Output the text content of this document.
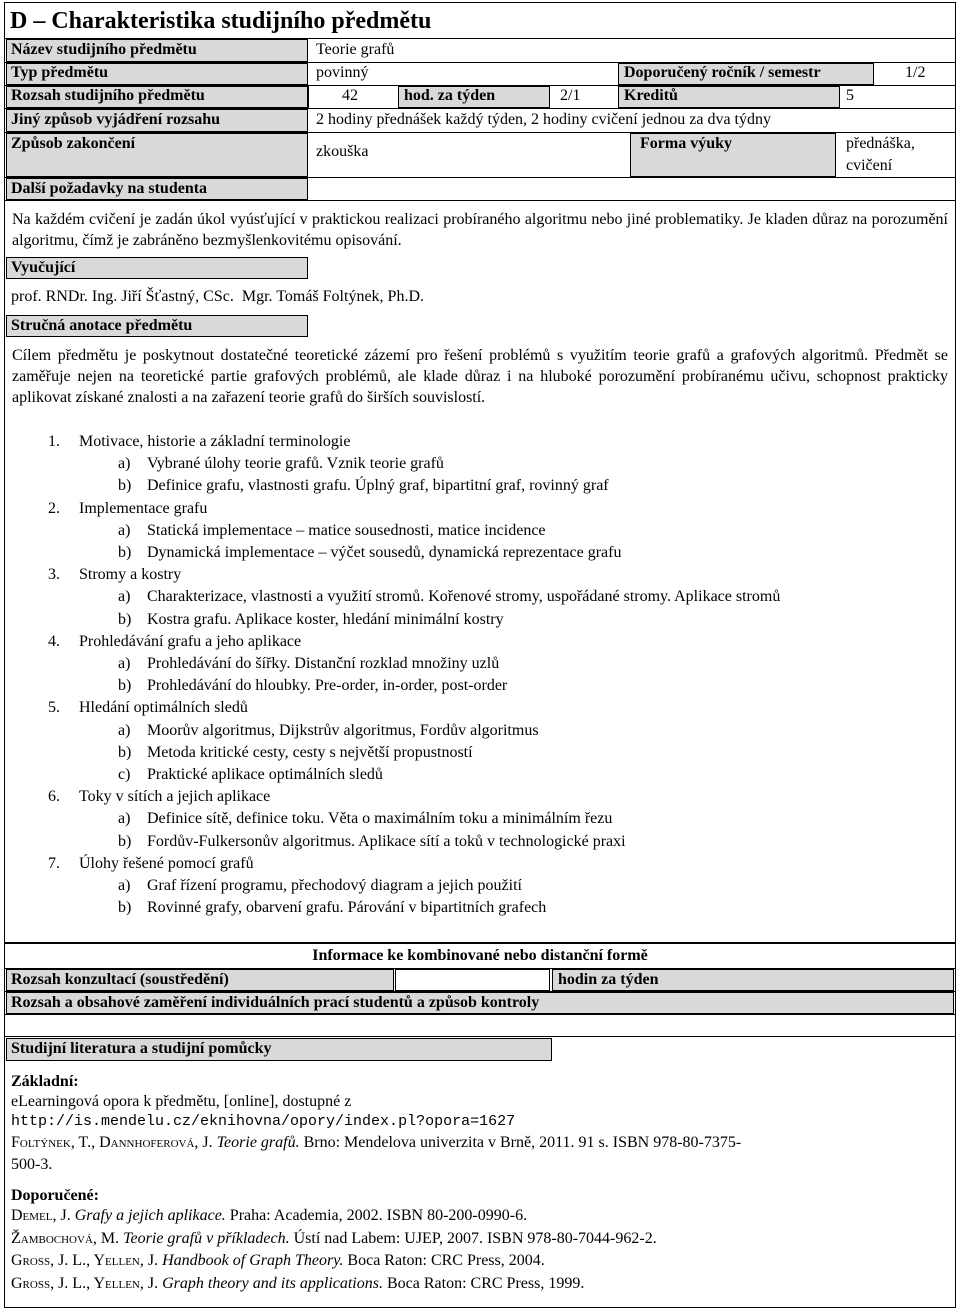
D – Charakteristika studijního předmětu
Název studijního předmětu	Teorie grafů
Typ předmětu	povinný	Doporučený ročník / semestr	1/2
Rozsah studijního předmětu	42	hod. za týden	2/1	Kreditů	5
Jiný způsob vyjádření rozsahu	2 hodiny přednášek každý týden, 2 hodiny cvičení jednou za dva týdny
Způsob zakončení	zkouška	Forma výuky	přednáška,
cvičení
Další požadavky na studenta
Na každém cvičení je zadán úkol vyúsťující v praktickou realizaci probíraného algoritmu nebo jiné problematiky. Je kladen důraz na porozumění algoritmu, čímž je zabráněno bezmyšlenkovitému opisování.
Vyučující
prof. RNDr. Ing. Jiří Šťastný, CSc.  Mgr. Tomáš Foltýnek, Ph.D.
Stručná anotace předmětu
Cílem předmětu je poskytnout dostatečné teoretické zázemí pro řešení problémů s využitím teorie grafů a grafových algoritmů. Předmět se zaměřuje nejen na teoretické partie grafových problémů, ale klade důraz i na hluboké porozumění probíranému učivu, schopnost prakticky aplikovat získané znalosti a na zařazení teorie grafů do širších souvislostí.
1. Motivace, historie a základní terminologie
a) Vybrané úlohy teorie grafů. Vznik teorie grafů
b) Definice grafu, vlastnosti grafu. Úplný graf, bipartitní graf, rovinný graf
2. Implementace grafu
a) Statická implementace – matice sousednosti, matice incidence
b) Dynamická implementace – výčet sousedů, dynamická reprezentace grafu
3. Stromy a kostry
a) Charakterizace, vlastnosti a využití stromů. Kořenové stromy, uspořádané stromy. Aplikace stromů
b) Kostra grafu. Aplikace koster, hledání minimální kostry
4. Prohledávání grafu a jeho aplikace
a) Prohledávání do šířky. Distanční rozklad množiny uzlů
b) Prohledávání do hloubky. Pre-order, in-order, post-order
5. Hledání optimálních sledů
a) Moorův algoritmus, Dijkstrův algoritmus, Fordův algoritmus
b) Metoda kritické cesty, cesty s největší propustností
c) Praktické aplikace optimálních sledů
6. Toky v sítích a jejich aplikace
a) Definice sítě, definice toku. Věta o maximálním toku a minimálním řezu
b) Fordův-Fulkersonův algoritmus. Aplikace sítí a toků v technologické praxi
7. Úlohy řešené pomocí grafů
a) Graf řízení programu, přechodový diagram a jejich použití
b) Rovinné grafy, obarvení grafu. Párování v bipartitních grafech
Informace ke kombinované nebo distanční formě
Rozsah konzultací (soustředění)	hodin za týden
Rozsah a obsahové zaměření individuálních prací studentů a způsob kontroly
Studijní literatura a studijní pomůcky
Základní:
eLearningová opora k předmětu, [online], dostupné z
http://is.mendelu.cz/eknihovna/opory/index.pl?opora=1627
Foltýnek, T., Dannhoferová, J. Teorie grafů. Brno: Mendelova univerzita v Brně, 2011. 91 s. ISBN 978-80-7375-
500-3.
Doporučené:
Demel, J. Grafy a jejich aplikace. Praha: Academia, 2002. ISBN 80-200-0990-6.
Žambochová, M. Teorie grafů v příkladech. Ústí nad Labem: UJEP, 2007. ISBN 978-80-7044-962-2.
Gross, J. L., Yellen, J. Handbook of Graph Theory. Boca Raton: CRC Press, 2004.
Gross, J. L., Yellen, J. Graph theory and its applications. Boca Raton: CRC Press, 1999.
